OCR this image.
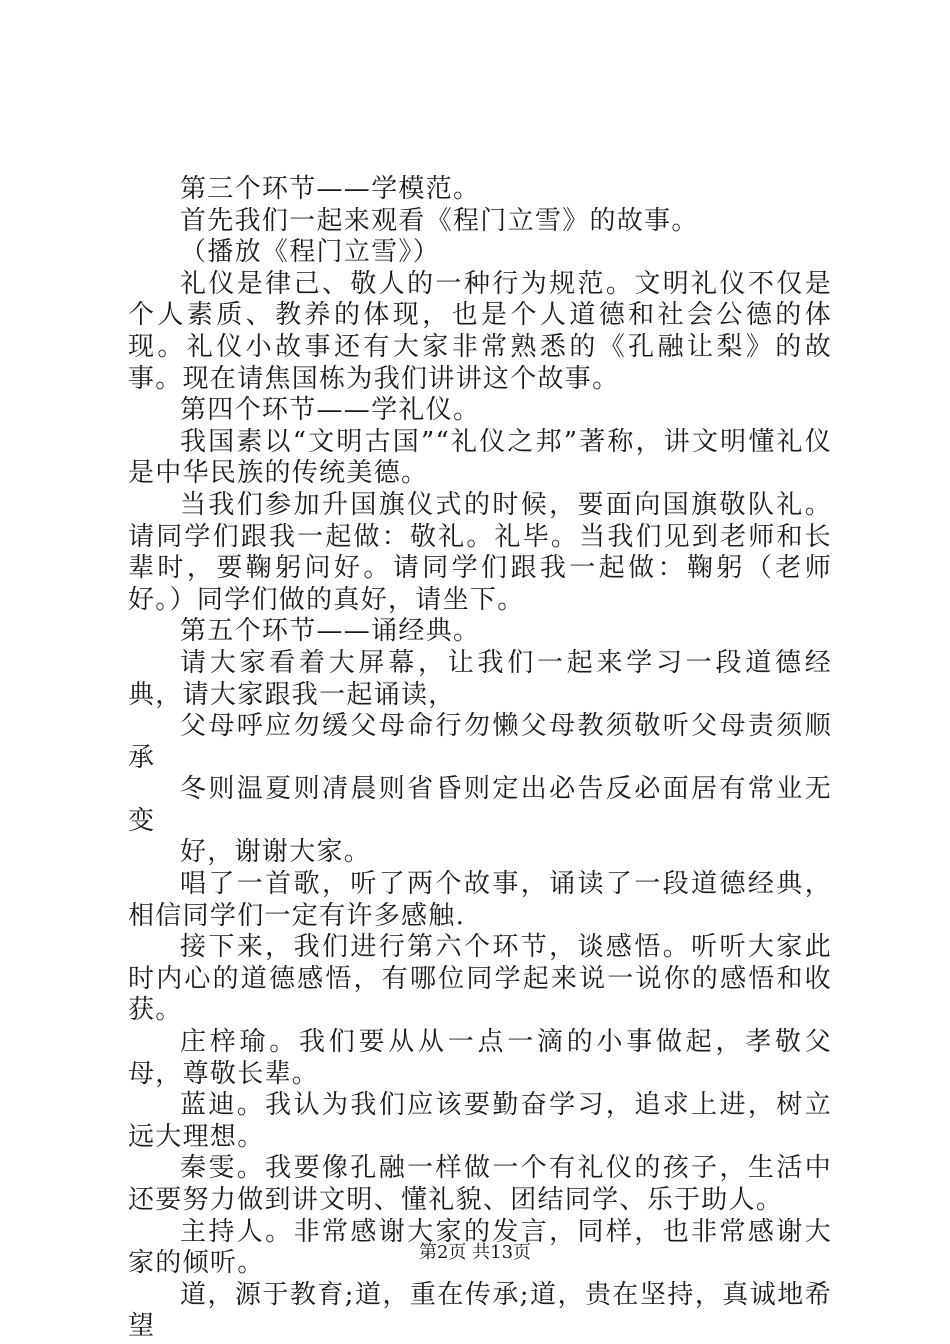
第三个环节——学模范。

首先我们一起来观看《程门立雪》的故事。

（播放《程门立雪》）

礼仪是律己、敬人的一种行为规范。文明礼仪不仅是个人素质、教养的体现，也是个人道德和社会公德的体现。礼仪小故事还有大家非常熟悉的《孔融让梨》的故事。现在请焦国栋为我们讲讲这个故事。

第四个环节——学礼仪。

我国素以“文明古国”“礼仪之邦”著称，讲文明懂礼仪是中华民族的传统美德。

当我们参加升国旗仪式的时候，要面向国旗敬队礼。请同学们跟我一起做：敬礼。礼毕。当我们见到老师和长辈时，要鞠躬问好。请同学们跟我一起做：鞠躬（老师好。）同学们做的真好，请坐下。

第五个环节——诵经典。

请大家看着大屏幕，让我们一起来学习一段道德经典，请大家跟我一起诵读，

父母呼应勿缓父母命行勿懒父母教须敬听父母责须顺承

冬则温夏则凊晨则省昏则定出必告反必面居有常业无变

好，谢谢大家。

唱了一首歌，听了两个故事，诵读了一段道德经典，相信同学们一定有许多感触.

接下来，我们进行第六个环节，谈感悟。听听大家此时内心的道德感悟，有哪位同学起来说一说你的感悟和收获。

庄梓瑜。我们要从从一点一滴的小事做起，孝敬父母，尊敬长辈。

蓝迪。我认为我们应该要勤奋学习，追求上进，树立远大理想。

秦雯。我要像孔融一样做一个有礼仪的孩子，生活中还要努力做到讲文明、懂礼貌、团结同学、乐于助人。

主持人。非常感谢大家的发言，同样，也非常感谢大家的倾听。

道，源于教育;道，重在传承;道，贵在坚持，真诚地希望

第2页 共13页
